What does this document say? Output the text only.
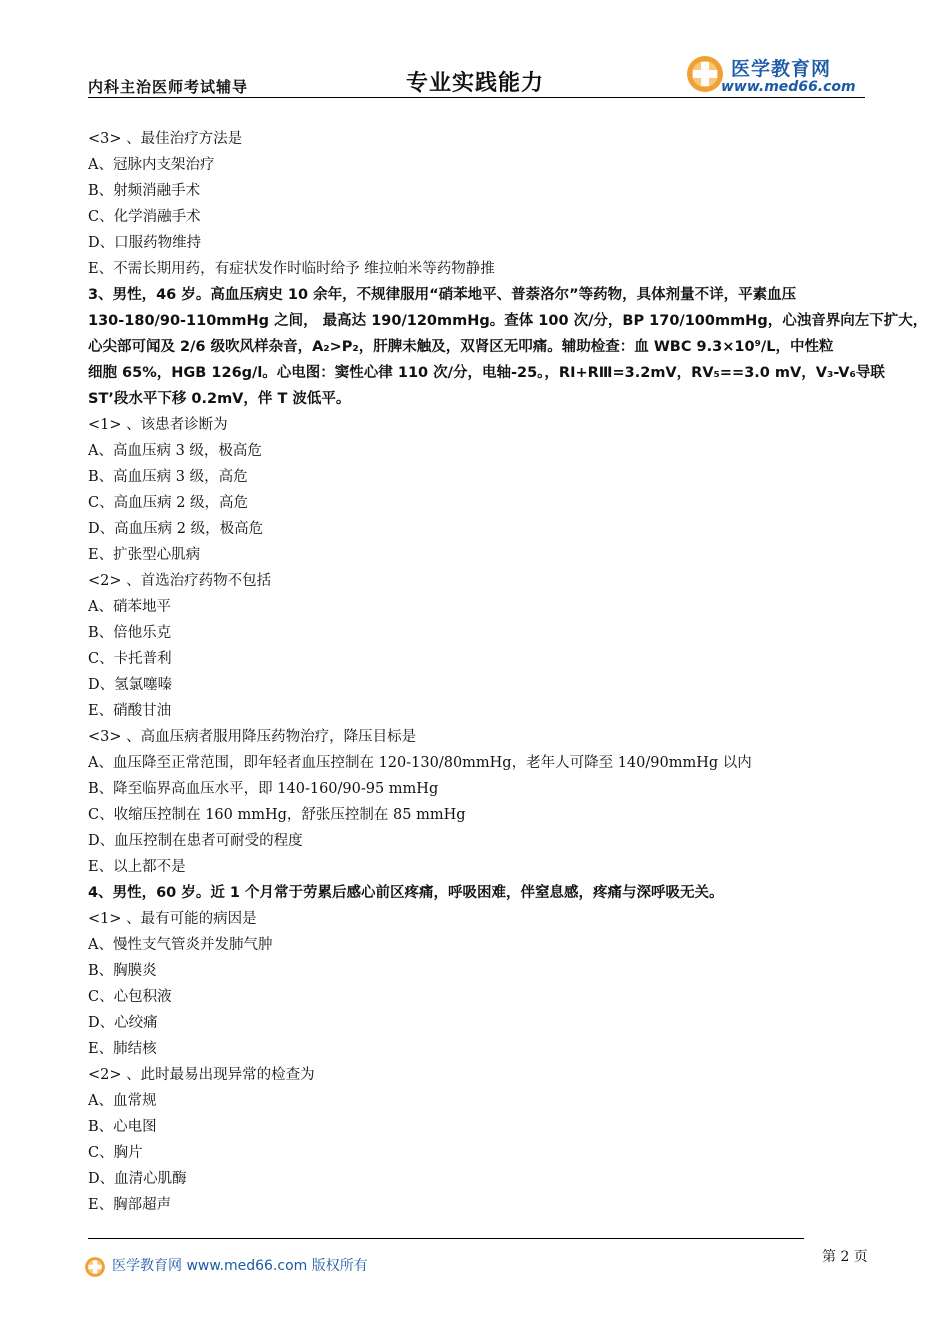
内科主治医师考试辅导	专业实践能力
医学教育网
www.med66.com
<3> 、最佳治疗方法是
A、冠脉内支架治疗
B、射频消融手术
C、化学消融手术
D、口服药物维持
E、不需长期用药，有症状发作时临时给予 维拉帕米等药物静推
3、男性，46 岁。高血压病史 10 余年，不规律服用“硝苯地平、普萘洛尔”等药物，具体剂量不详，平素血压
130-180/90-110mmHg 之间， 最高达 190/120mmHg。查体 100 次/分，BP 170/100mmHg，心浊音界向左下扩大，
心尖部可闻及 2/6 级吹风样杂音，A₂>P₂，肝脾未触及，双肾区无叩痛。辅助检查：血 WBC 9.3×10⁹/L，中性粒
细胞 65%，HGB 126g/l。心电图：窦性心律 110 次/分，电轴-25。，RⅠ+RⅢ=3.2mV，RV₅==3.0 mV，V₃-V₆导联
ST’段水平下移 0.2mV，伴 T 波低平。
<1> 、该患者诊断为
A、高血压病 3 级，极高危
B、高血压病 3 级，高危
C、高血压病 2 级，高危
D、高血压病 2 级，极高危
E、扩张型心肌病
<2> 、首选治疗药物不包括
A、硝苯地平
B、倍他乐克
C、卡托普利
D、氢氯噻嗪
E、硝酸甘油
<3> 、高血压病者服用降压药物治疗，降压目标是
A、血压降至正常范围，即年轻者血压控制在 120-130/80mmHg，老年人可降至 140/90mmHg 以内
B、降至临界高血压水平，即 140-160/90-95 mmHg
C、收缩压控制在 160 mmHg，舒张压控制在 85 mmHg
D、血压控制在患者可耐受的程度
E、以上都不是
4、男性，60 岁。近 1 个月常于劳累后感心前区疼痛，呼吸困难，伴窒息感，疼痛与深呼吸无关。
<1> 、最有可能的病因是
A、慢性支气管炎并发肺气肿
B、胸膜炎
C、心包积液
D、心绞痛
E、肺结核
<2> 、此时最易出现异常的检查为
A、血常规
B、心电图
C、胸片
D、血清心肌酶
E、胸部超声
医学教育网 www.med66.com 版权所有
第 2 页
